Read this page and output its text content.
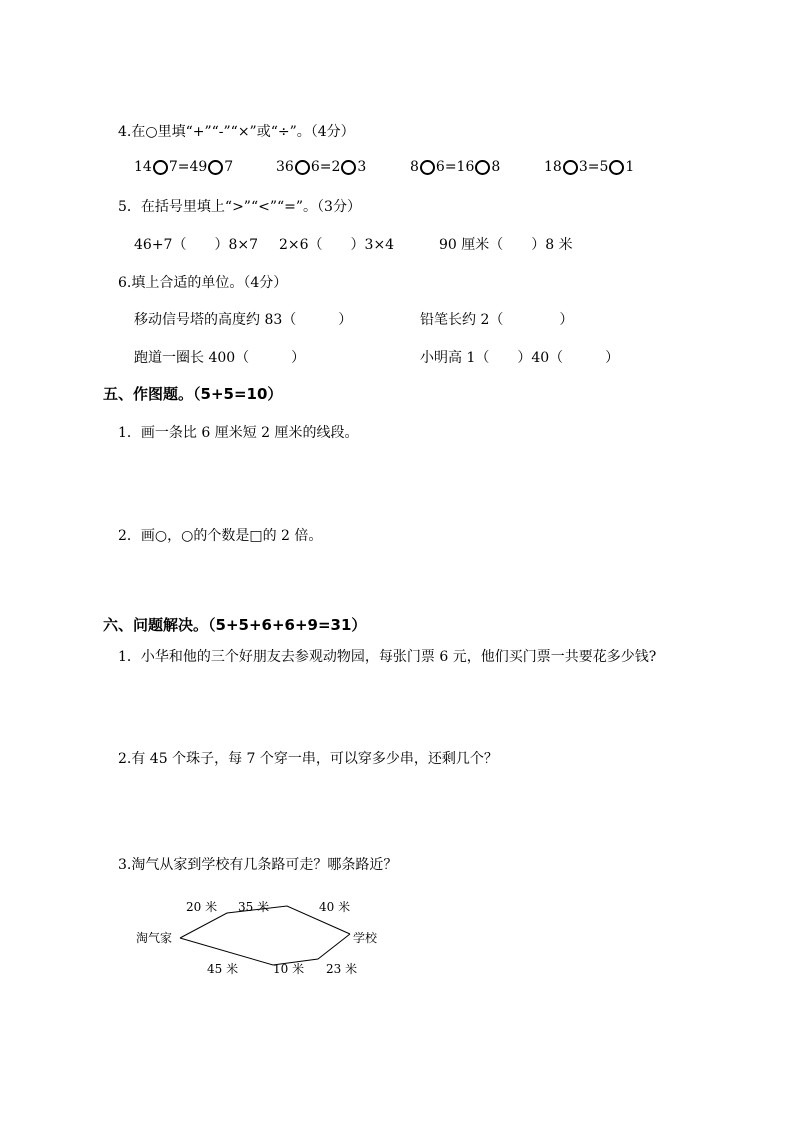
4.在○里填“+”“-”“×”或“÷”。（4分）
14 7=49 7	36 6=2 3	8 6=16 8	18 3=5 1
5．在括号里填上“>”“<”“=”。（3分）
46+7（　　）8×7 2×6（　　）3×4	90 厘米（　　）8 米
6.填上合适的单位。（4分）
移动信号塔的高度约 83（　　　）	铅笔长约 2（　　　　）
跑道一圈长 400（　　　）	小明高 1（　　）40（　　　）
五、作图题。（5+5=10）
1．画一条比 6 厘米短 2 厘米的线段。
2．画○，○的个数是□的 2 倍。
六、问题解决。（5+5+6+6+9=31）
1．小华和他的三个好朋友去参观动物园，每张门票 6 元，他们买门票一共要花多少钱?
2.有 45 个珠子，每 7 个穿一串，可以穿多少串，还剩几个？
3.淘气从家到学校有几条路可走？哪条路近？
淘气家	学校
20 米 35 米	40 米
45 米	10 米 23 米
